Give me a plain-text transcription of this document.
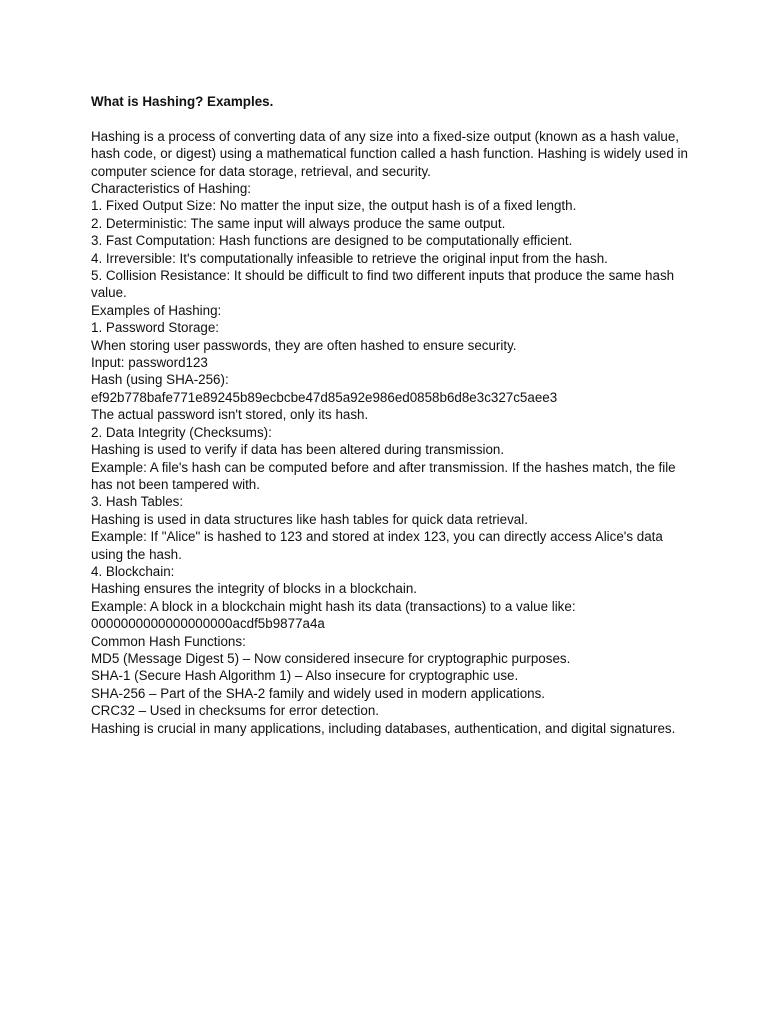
What is Hashing? Examples.

Hashing is a process of converting data of any size into a fixed-size output (known as a hash value, hash code, or digest) using a mathematical function called a hash function. Hashing is widely used in computer science for data storage, retrieval, and security.

Characteristics of Hashing:

1. Fixed Output Size: No matter the input size, the output hash is of a fixed length.

2. Deterministic: The same input will always produce the same output.

3. Fast Computation: Hash functions are designed to be computationally efficient.

4. Irreversible: It's computationally infeasible to retrieve the original input from the hash.

5. Collision Resistance: It should be difficult to find two different inputs that produce the same hash value.

Examples of Hashing:

1. Password Storage:

When storing user passwords, they are often hashed to ensure security.

Input: password123

Hash (using SHA-256):

ef92b778bafe771e89245b89ecbcbe47d85a92e986ed0858b6d8e3c327c5aee3

The actual password isn't stored, only its hash.

2. Data Integrity (Checksums):

Hashing is used to verify if data has been altered during transmission.

Example: A file's hash can be computed before and after transmission. If the hashes match, the file has not been tampered with.

3. Hash Tables:

Hashing is used in data structures like hash tables for quick data retrieval.

Example: If "Alice" is hashed to 123 and stored at index 123, you can directly access Alice's data using the hash.

4. Blockchain:

Hashing ensures the integrity of blocks in a blockchain.

Example: A block in a blockchain might hash its data (transactions) to a value like:

0000000000000000000acdf5b9877a4a

Common Hash Functions:

MD5 (Message Digest 5) – Now considered insecure for cryptographic purposes.

SHA-1 (Secure Hash Algorithm 1) – Also insecure for cryptographic use.

SHA-256 – Part of the SHA-2 family and widely used in modern applications.

CRC32 – Used in checksums for error detection.

Hashing is crucial in many applications, including databases, authentication, and digital signatures.
